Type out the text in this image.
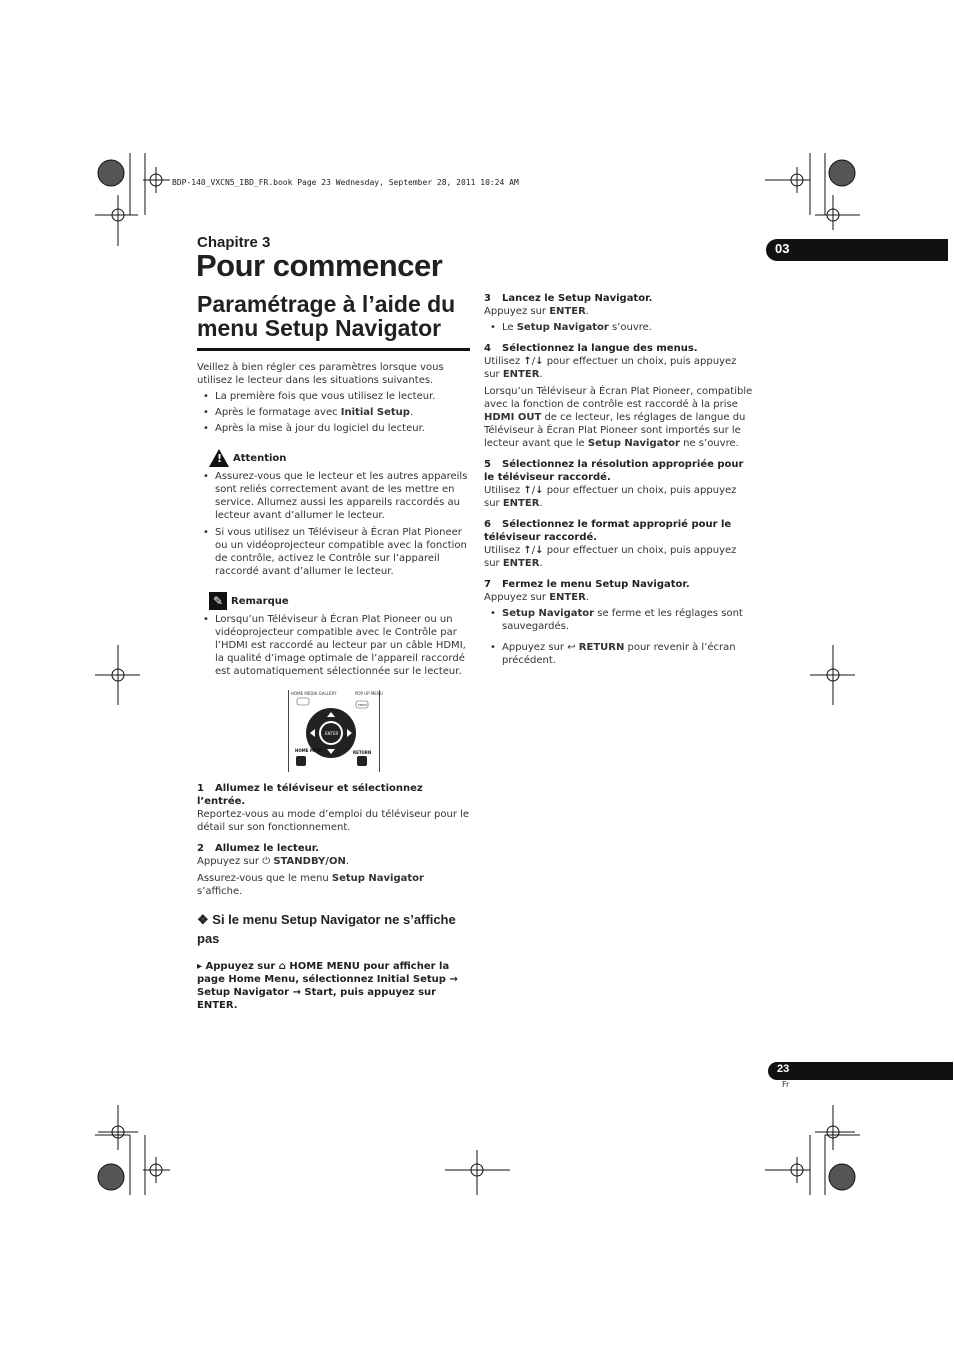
BDP-140_VXCN5_IBD_FR.book Page 23 Wednesday, September 28, 2011 10:24 AM
Chapitre 3
Pour commencer	03
Paramétrage à l’aide du menu Setup Navigator

Veillez à bien régler ces paramètres lorsque vous utilisez le lecteur dans les situations suivantes.

• La première fois que vous utilisez le lecteur.
• Après le formatage avec Initial Setup.
• Après la mise à jour du logiciel du lecteur.
!
Attention
• Assurez-vous que le lecteur et les autres appareils sont reliés correctement avant de les mettre en service. Allumez aussi les appareils raccordés au lecteur avant d’allumer le lecteur.
• Si vous utilisez un Téléviseur à Écran Plat Pioneer ou un vidéoprojecteur compatible avec la fonction de contrôle, activez le Contrôle sur l’appareil raccordé avant d’allumer le lecteur.
✎ Remarque
• Lorsqu’un Téléviseur à Écran Plat Pioneer ou un vidéoprojecteur compatible avec le Contrôle par l’HDMI est raccordé au lecteur par un câble HDMI, la qualité d’image optimale de l’appareil raccordé est automatiquement sélectionnée sur le lecteur.
HOME MEDIA GALLERY	POP UP MENU
MENU
ENTER
HOME MENU	RETURN
1 Allumez le téléviseur et sélectionnez l’entrée.

Reportez-vous au mode d’emploi du téléviseur pour le détail sur son fonctionnement.

2 Allumez le lecteur.

Appuyez sur ⏻ STANDBY/ON.

Assurez-vous que le menu Setup Navigator s’affiche.

❖ Si le menu Setup Navigator ne s’affiche pas
▸ Appuyez sur ⌂ HOME MENU pour afficher la page Home Menu, sélectionnez Initial Setup → Setup Navigator → Start, puis appuyez sur ENTER.
3 Lancez le Setup Navigator.

Appuyez sur ENTER.

• Le Setup Navigator s’ouvre.
4 Sélectionnez la langue des menus.

Utilisez ↑/↓ pour effectuer un choix, puis appuyez sur ENTER.

Lorsqu’un Téléviseur à Écran Plat Pioneer, compatible avec la fonction de contrôle est raccordé à la prise HDMI OUT de ce lecteur, les réglages de langue du Téléviseur à Écran Plat Pioneer sont importés sur le lecteur avant que le Setup Navigator ne s’ouvre.

5 Sélectionnez la résolution appropriée pour le téléviseur raccordé.

Utilisez ↑/↓ pour effectuer un choix, puis appuyez sur ENTER.

6 Sélectionnez le format approprié pour le téléviseur raccordé.

Utilisez ↑/↓ pour effectuer un choix, puis appuyez sur ENTER.

7 Fermez le menu Setup Navigator.

Appuyez sur ENTER.

• Setup Navigator se ferme et les réglages sont sauvegardés.
• Appuyez sur ↩ RETURN pour revenir à l’écran précédent.
23
Fr
